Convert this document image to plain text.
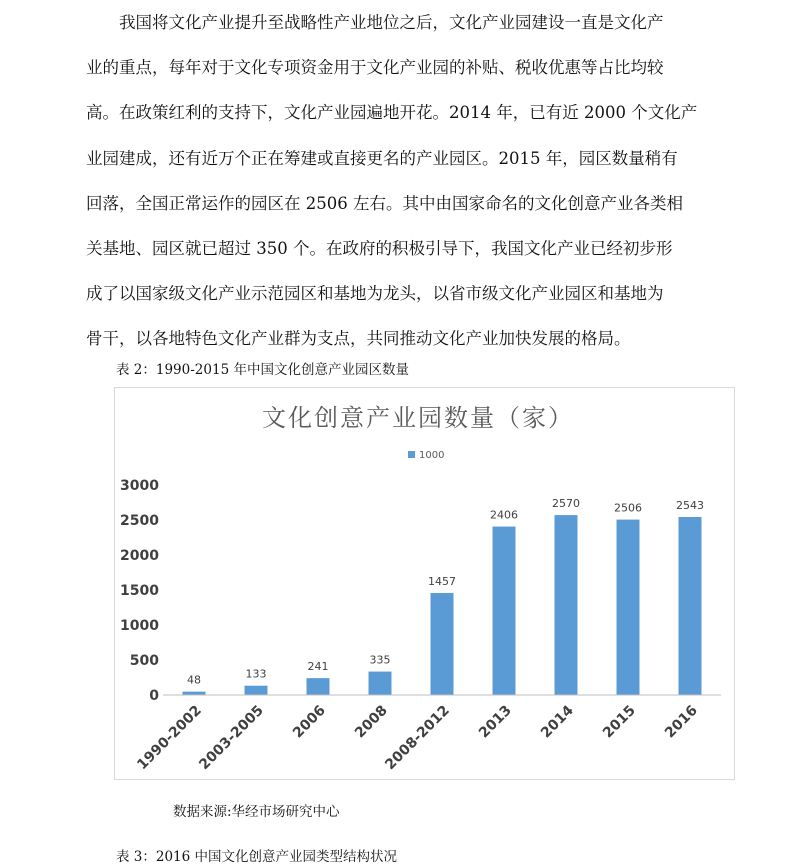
我国将文化产业提升至战略性产业地位之后，文化产业园建设一直是文化产
业的重点，每年对于文化专项资金用于文化产业园的补贴、税收优惠等占比均较
高。在政策红利的支持下，文化产业园遍地开花。2014 年，已有近 2000 个文化产
业园建成，还有近万个正在筹建或直接更名的产业园区。2015 年，园区数量稍有
回落，全国正常运作的园区在 2506 左右。其中由国家命名的文化创意产业各类相
关基地、园区就已超过 350 个。在政府的积极引导下，我国文化产业已经初步形
成了以国家级文化产业示范园区和基地为龙头，以省市级文化产业园区和基地为
骨干，以各地特色文化产业群为支点，共同推动文化产业加快发展的格局。
表 2：1990-2015 年中国文化创意产业园区数量
文化创意产业园数量（家）
1000
0
500
1000
1500
2000
2500
3000
48	133
241
335
1457
2406
2570	2506	2543
1990-2002
2003-2005 2006 2008
2008-2012 2013 2014 2015 2016
数据来源:华经市场研究中心
表 3：2016 中国文化创意产业园类型结构状况
